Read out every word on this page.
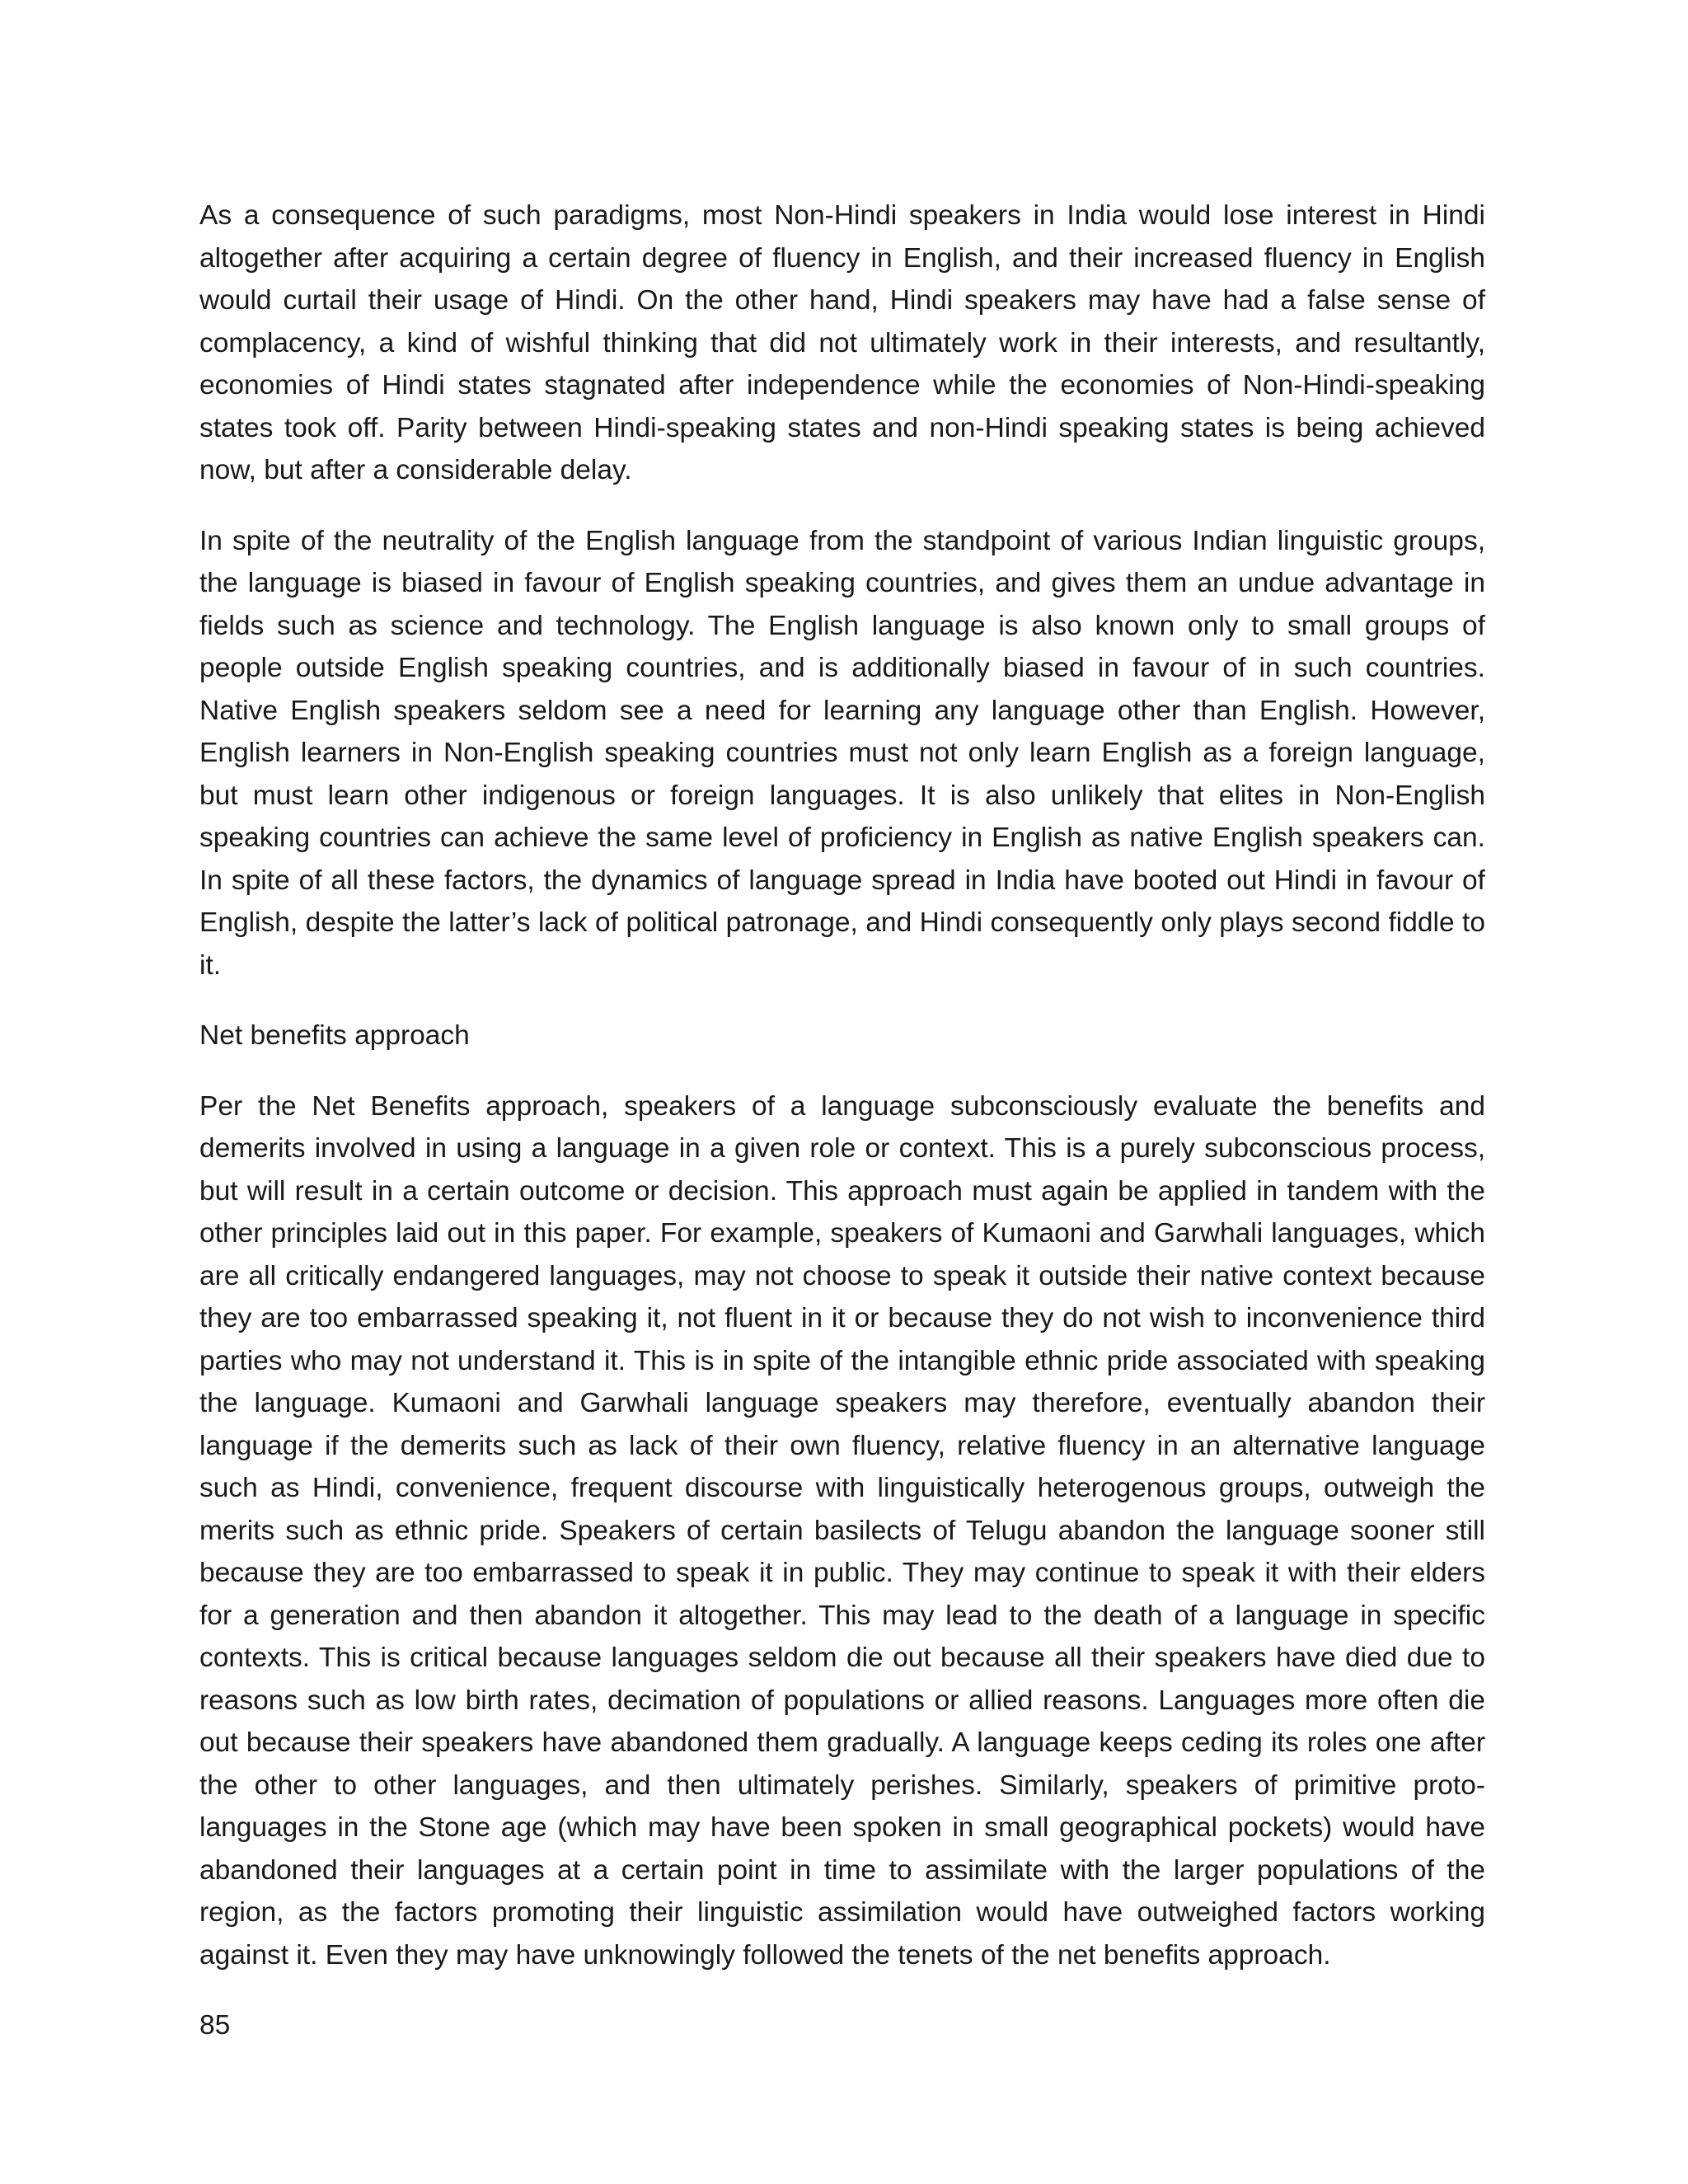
As a consequence of such paradigms, most Non-Hindi speakers in India would lose interest in Hindi altogether after acquiring a certain degree of fluency in English, and their increased fluency in English would curtail their usage of Hindi. On the other hand, Hindi speakers may have had a false sense of complacency, a kind of wishful thinking that did not ultimately work in their interests, and resultantly, economies of Hindi states stagnated after independence while the economies of Non-Hindi-speaking states took off. Parity between Hindi-speaking states and non-Hindi speaking states is being achieved now, but after a considerable delay.

In spite of the neutrality of the English language from the standpoint of various Indian linguistic groups, the language is biased in favour of English speaking countries, and gives them an undue advantage in fields such as science and technology. The English language is also known only to small groups of people outside English speaking countries, and is additionally biased in favour of in such countries. Native English speakers seldom see a need for learning any language other than English. However, English learners in Non-English speaking countries must not only learn English as a foreign language, but must learn other indigenous or foreign languages. It is also unlikely that elites in Non-English speaking countries can achieve the same level of proficiency in English as native English speakers can. In spite of all these factors, the dynamics of language spread in India have booted out Hindi in favour of English, despite the latter’s lack of political patronage, and Hindi consequently only plays second fiddle to it.

Net benefits approach

Per the Net Benefits approach, speakers of a language subconsciously evaluate the benefits and demerits involved in using a language in a given role or context. This is a purely subconscious process, but will result in a certain outcome or decision. This approach must again be applied in tandem with the other principles laid out in this paper. For example, speakers of Kumaoni and Garwhali languages, which are all critically endangered languages, may not choose to speak it outside their native context because they are too embarrassed speaking it, not fluent in it or because they do not wish to inconvenience third parties who may not understand it. This is in spite of the intangible ethnic pride associated with speaking the language. Kumaoni and Garwhali language speakers may therefore, eventually abandon their language if the demerits such as lack of their own fluency, relative fluency in an alternative language such as Hindi, convenience, frequent discourse with linguistically heterogenous groups, outweigh the merits such as ethnic pride. Speakers of certain basilects of Telugu abandon the language sooner still because they are too embarrassed to speak it in public. They may continue to speak it with their elders for a generation and then abandon it altogether. This may lead to the death of a language in specific contexts. This is critical because languages seldom die out because all their speakers have died due to reasons such as low birth rates, decimation of populations or allied reasons. Languages more often die out because their speakers have abandoned them gradually. A language keeps ceding its roles one after the other to other languages, and then ultimately perishes. Similarly, speakers of primitive proto-languages in the Stone age (which may have been spoken in small geographical pockets) would have abandoned their languages at a certain point in time to assimilate with the larger populations of the region, as the factors promoting their linguistic assimilation would have outweighed factors working against it. Even they may have unknowingly followed the tenets of the net benefits approach.

85
